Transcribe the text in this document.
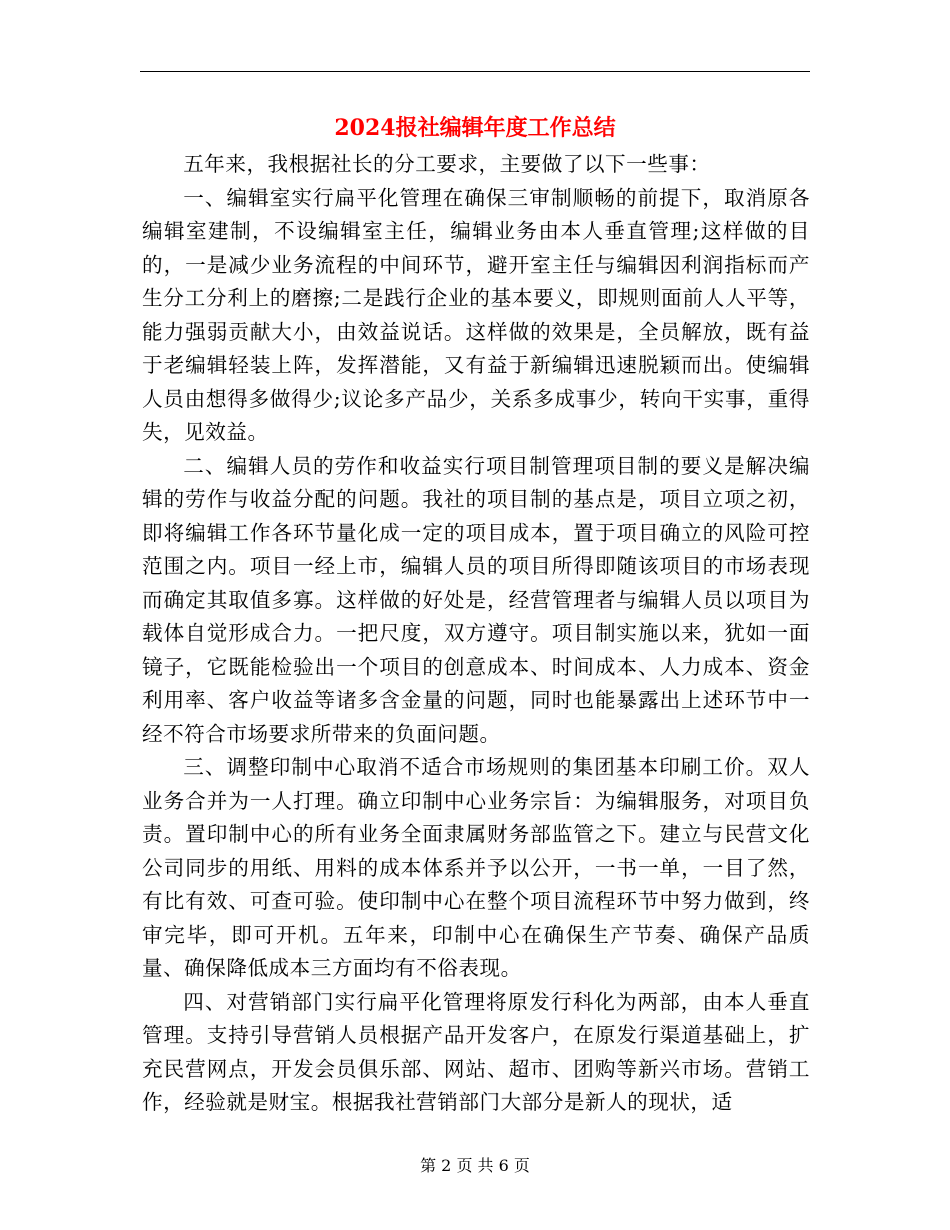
2024报社编辑年度工作总结

五年来，我根据社长的分工要求，主要做了以下一些事：

一、编辑室实行扁平化管理在确保三审制顺畅的前提下，取消原各编辑室建制，不设编辑室主任，编辑业务由本人垂直管理;这样做的目的，一是减少业务流程的中间环节，避开室主任与编辑因利润指标而产生分工分利上的磨擦;二是践行企业的基本要义，即规则面前人人平等，能力强弱贡献大小，由效益说话。这样做的效果是，全员解放，既有益于老编辑轻装上阵，发挥潜能，又有益于新编辑迅速脱颖而出。使编辑人员由想得多做得少;议论多产品少，关系多成事少，转向干实事，重得失，见效益。

二、编辑人员的劳作和收益实行项目制管理项目制的要义是解决编辑的劳作与收益分配的问题。我社的项目制的基点是，项目立项之初，即将编辑工作各环节量化成一定的项目成本，置于项目确立的风险可控范围之内。项目一经上市，编辑人员的项目所得即随该项目的市场表现而确定其取值多寡。这样做的好处是，经营管理者与编辑人员以项目为载体自觉形成合力。一把尺度，双方遵守。项目制实施以来，犹如一面镜子，它既能检验出一个项目的创意成本、时间成本、人力成本、资金利用率、客户收益等诸多含金量的问题，同时也能暴露出上述环节中一经不符合市场要求所带来的负面问题。

三、调整印制中心取消不适合市场规则的集团基本印刷工价。双人业务合并为一人打理。确立印制中心业务宗旨：为编辑服务，对项目负责。置印制中心的所有业务全面隶属财务部监管之下。建立与民营文化公司同步的用纸、用料的成本体系并予以公开，一书一单，一目了然，有比有效、可查可验。使印制中心在整个项目流程环节中努力做到，终审完毕，即可开机。五年来，印制中心在确保生产节奏、确保产品质量、确保降低成本三方面均有不俗表现。

四、对营销部门实行扁平化管理将原发行科化为两部，由本人垂直管理。支持引导营销人员根据产品开发客户，在原发行渠道基础上，扩充民营网点，开发会员俱乐部、网站、超市、团购等新兴市场。营销工作，经验就是财宝。根据我社营销部门大部分是新人的现状，适

第 2 页 共 6 页
